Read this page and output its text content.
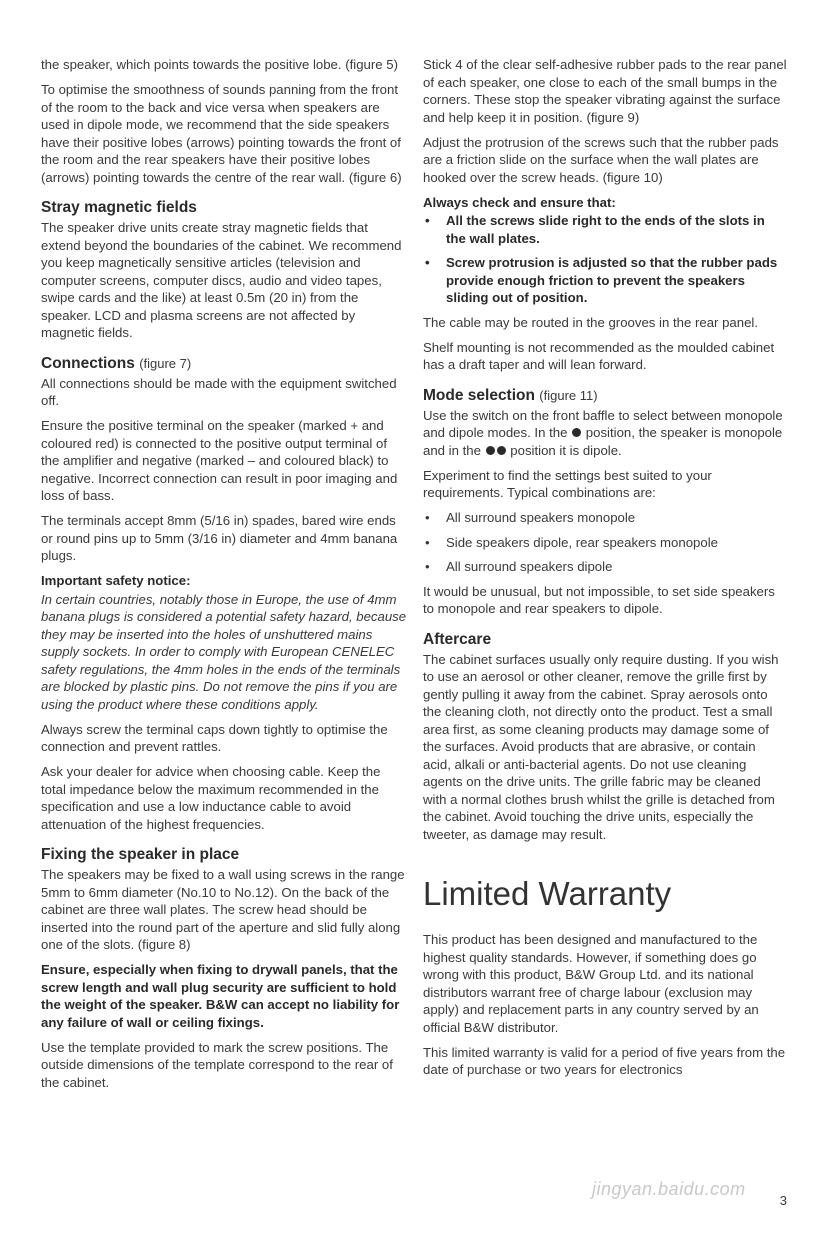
the speaker, which points towards the positive lobe. (figure 5)

To optimise the smoothness of sounds panning from the front of the room to the back and vice versa when speakers are used in dipole mode, we recommend that the side speakers have their positive lobes (arrows) pointing towards the front of the room and the rear speakers have their positive lobes (arrows) pointing towards the centre of the rear wall. (figure 6)

Stray magnetic fields

The speaker drive units create stray magnetic fields that extend beyond the boundaries of the cabinet. We recommend you keep magnetically sensitive articles (television and computer screens, computer discs, audio and video tapes, swipe cards and the like) at least 0.5m (20 in) from the speaker. LCD and plasma screens are not affected by magnetic fields.

Connections (figure 7)

All connections should be made with the equipment switched off.

Ensure the positive terminal on the speaker (marked + and coloured red) is connected to the positive output terminal of the amplifier and negative (marked – and coloured black) to negative. Incorrect connection can result in poor imaging and loss of bass.

The terminals accept 8mm (5/16 in) spades, bared wire ends or round pins up to 5mm (3/16 in) diameter and 4mm banana plugs.

Important safety notice:

In certain countries, notably those in Europe, the use of 4mm banana plugs is considered a potential safety hazard, because they may be inserted into the holes of unshuttered mains supply sockets. In order to comply with European CENELEC safety regulations, the 4mm holes in the ends of the terminals are blocked by plastic pins. Do not remove the pins if you are using the product where these conditions apply.

Always screw the terminal caps down tightly to optimise the connection and prevent rattles.

Ask your dealer for advice when choosing cable. Keep the total impedance below the maximum recommended in the specification and use a low inductance cable to avoid attenuation of the highest frequencies.

Fixing the speaker in place

The speakers may be fixed to a wall using screws in the range 5mm to 6mm diameter (No.10 to No.12). On the back of the cabinet are three wall plates. The screw head should be inserted into the round part of the aperture and slid fully along one of the slots. (figure 8)

Ensure, especially when fixing to drywall panels, that the screw length and wall plug security are sufficient to hold the weight of the speaker. B&W can accept no liability for any failure of wall or ceiling fixings.

Use the template provided to mark the screw positions. The outside dimensions of the template correspond to the rear of the cabinet.

Stick 4 of the clear self-adhesive rubber pads to the rear panel of each speaker, one close to each of the small bumps in the corners. These stop the speaker vibrating against the surface and help keep it in position. (figure 9)

Adjust the protrusion of the screws such that the rubber pads are a friction slide on the surface when the wall plates are hooked over the screw heads. (figure 10)

Always check and ensure that:

• All the screws slide right to the ends of the slots in the wall plates.
• Screw protrusion is adjusted so that the rubber pads provide enough friction to prevent the speakers sliding out of position.

The cable may be routed in the grooves in the rear panel.

Shelf mounting is not recommended as the moulded cabinet has a draft taper and will lean forward.

Mode selection (figure 11)

Use the switch on the front baffle to select between monopole and dipole modes. In the position, the speaker is monopole and in the position it is dipole.

Experiment to find the settings best suited to your requirements. Typical combinations are:

• All surround speakers monopole
• Side speakers dipole, rear speakers monopole
• All surround speakers dipole

It would be unusual, but not impossible, to set side speakers to monopole and rear speakers to dipole.

Aftercare

The cabinet surfaces usually only require dusting. If you wish to use an aerosol or other cleaner, remove the grille first by gently pulling it away from the cabinet. Spray aerosols onto the cleaning cloth, not directly onto the product. Test a small area first, as some cleaning products may damage some of the surfaces. Avoid products that are abrasive, or contain acid, alkali or anti-bacterial agents. Do not use cleaning agents on the drive units. The grille fabric may be cleaned with a normal clothes brush whilst the grille is detached from the cabinet. Avoid touching the drive units, especially the tweeter, as damage may result.

Limited Warranty

This product has been designed and manufactured to the highest quality standards. However, if something does go wrong with this product, B&W Group Ltd. and its national distributors warrant free of charge labour (exclusion may apply) and replacement parts in any country served by an official B&W distributor.

This limited warranty is valid for a period of five years from the date of purchase or two years for electronics

jingyan.baidu.com
3
